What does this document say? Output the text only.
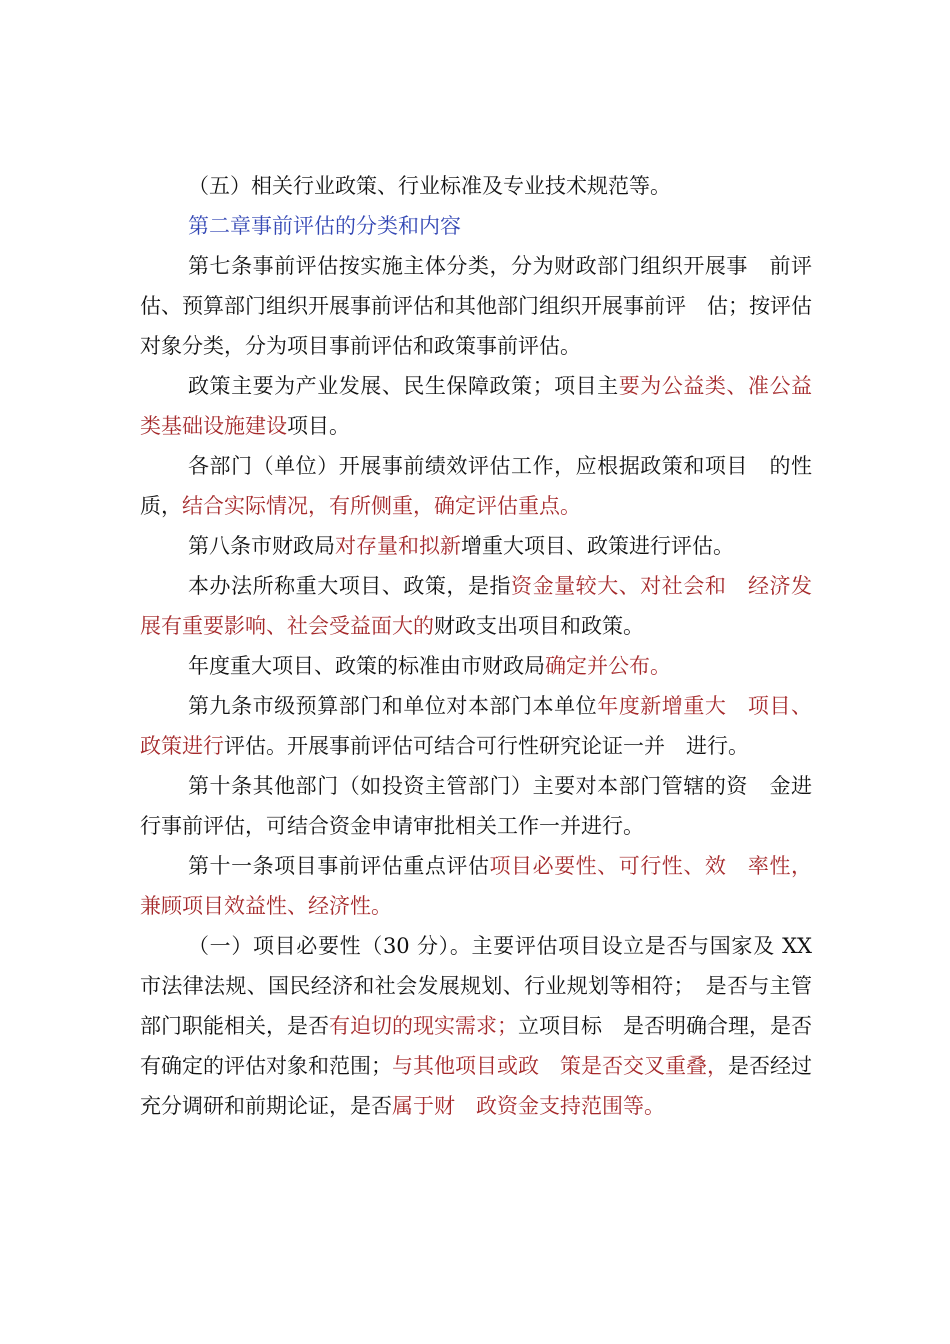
（五）相关行业政策、行业标准及专业技术规范等。

第二章事前评估的分类和内容

第七条事前评估按实施主体分类，分为财政部门组织开展事　前评估、预算部门组织开展事前评估和其他部门组织开展事前评　估；按评估对象分类，分为项目事前评估和政策事前评估。

政策主要为产业发展、民生保障政策；项目主要为公益类、准公益类基础设施建设项目。

各部门（单位）开展事前绩效评估工作，应根据政策和项目　的性质，结合实际情况，有所侧重，确定评估重点。

第八条市财政局对存量和拟新增重大项目、政策进行评估。

本办法所称重大项目、政策，是指资金量较大、对社会和　经济发展有重要影响、社会受益面大的财政支出项目和政策。

年度重大项目、政策的标准由市财政局确定并公布。

第九条市级预算部门和单位对本部门本单位年度新增重大　项目、政策进行评估。开展事前评估可结合可行性研究论证一并　进行。

第十条其他部门（如投资主管部门）主要对本部门管辖的资　金进行事前评估，可结合资金申请审批相关工作一并进行。

第十一条项目事前评估重点评估项目必要性、可行性、效　率性，兼顾项目效益性、经济性。

（一）项目必要性（30 分）。主要评估项目设立是否与国家及 XX 市法律法规、国民经济和社会发展规划、行业规划等相符；　是否与主管部门职能相关，是否有迫切的现实需求；立项目标　是否明确合理，是否有确定的评估对象和范围；与其他项目或政　策是否交叉重叠，是否经过充分调研和前期论证，是否属于财　政资金支持范围等。
